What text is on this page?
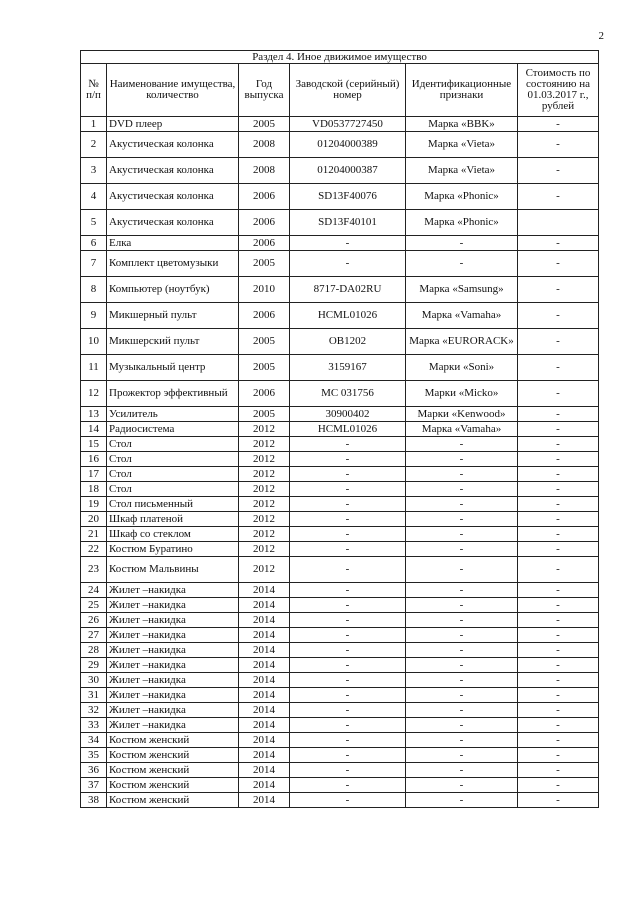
2
Раздел 4. Иное движимое имущество					
№ п/п	Наименование имущества, количество	Год выпуска	Заводской (серийный) номер	Идентификационные признаки	Стоимость по состоянию на 01.03.2017 г., рублей
1	DVD плеер	2005	VD0537727450	Марка «BBK»	-
2	Акустическая колонка	2008	01204000389	Марка «Vieta»	-
3	Акустическая колонка	2008	01204000387	Марка «Vieta»	-
4	Акустическая колонка	2006	SD13F40076	Марка «Phonic»	-
5	Акустическая колонка	2006	SD13F40101	Марка «Phonic»	
6	Елка	2006	-	-	-
7	Комплект цветомузыки	2005	-	-	-
8	Компьютер (ноутбук)	2010	8717-DA02RU	Марка «Samsung»	-
9	Микшерный пульт	2006	HCML01026	Марка «Vamaha»	-
10	Микшерский пульт	2005	OB1202	Марка «EURORACK»	-
11	Музыкальный центр	2005	3159167	Марки «Soni»	-
12	Прожектор эффективный	2006	MC 031756	Марки «Micko»	-
13	Усилитель	2005	30900402	Марки «Kenwood»	-
14	Радиосистема	2012	HCML01026	Марка «Vamaha»	-
15	Стол	2012	-	-	-
16	Стол	2012	-	-	-
17	Стол	2012	-	-	-
18	Стол	2012	-	-	-
19	Стол письменный	2012	-	-	-
20	Шкаф платеной	2012	-	-	-
21	Шкаф со стеклом	2012	-	-	-
22	Костюм Буратино	2012	-	-	-
23	Костюм Мальвины	2012	-	-	-
24	Жилет –накидка	2014	-	-	-
25	Жилет –накидка	2014	-	-	-
26	Жилет –накидка	2014	-	-	-
27	Жилет –накидка	2014	-	-	-
28	Жилет –накидка	2014	-	-	-
29	Жилет –накидка	2014	-	-	-
30	Жилет –накидка	2014	-	-	-
31	Жилет –накидка	2014	-	-	-
32	Жилет –накидка	2014	-	-	-
33	Жилет –накидка	2014	-	-	-
34	Костюм женский	2014	-	-	-
35	Костюм женский	2014	-	-	-
36	Костюм женский	2014	-	-	-
37	Костюм женский	2014	-	-	-
38	Костюм женский	2014	-	-	-
